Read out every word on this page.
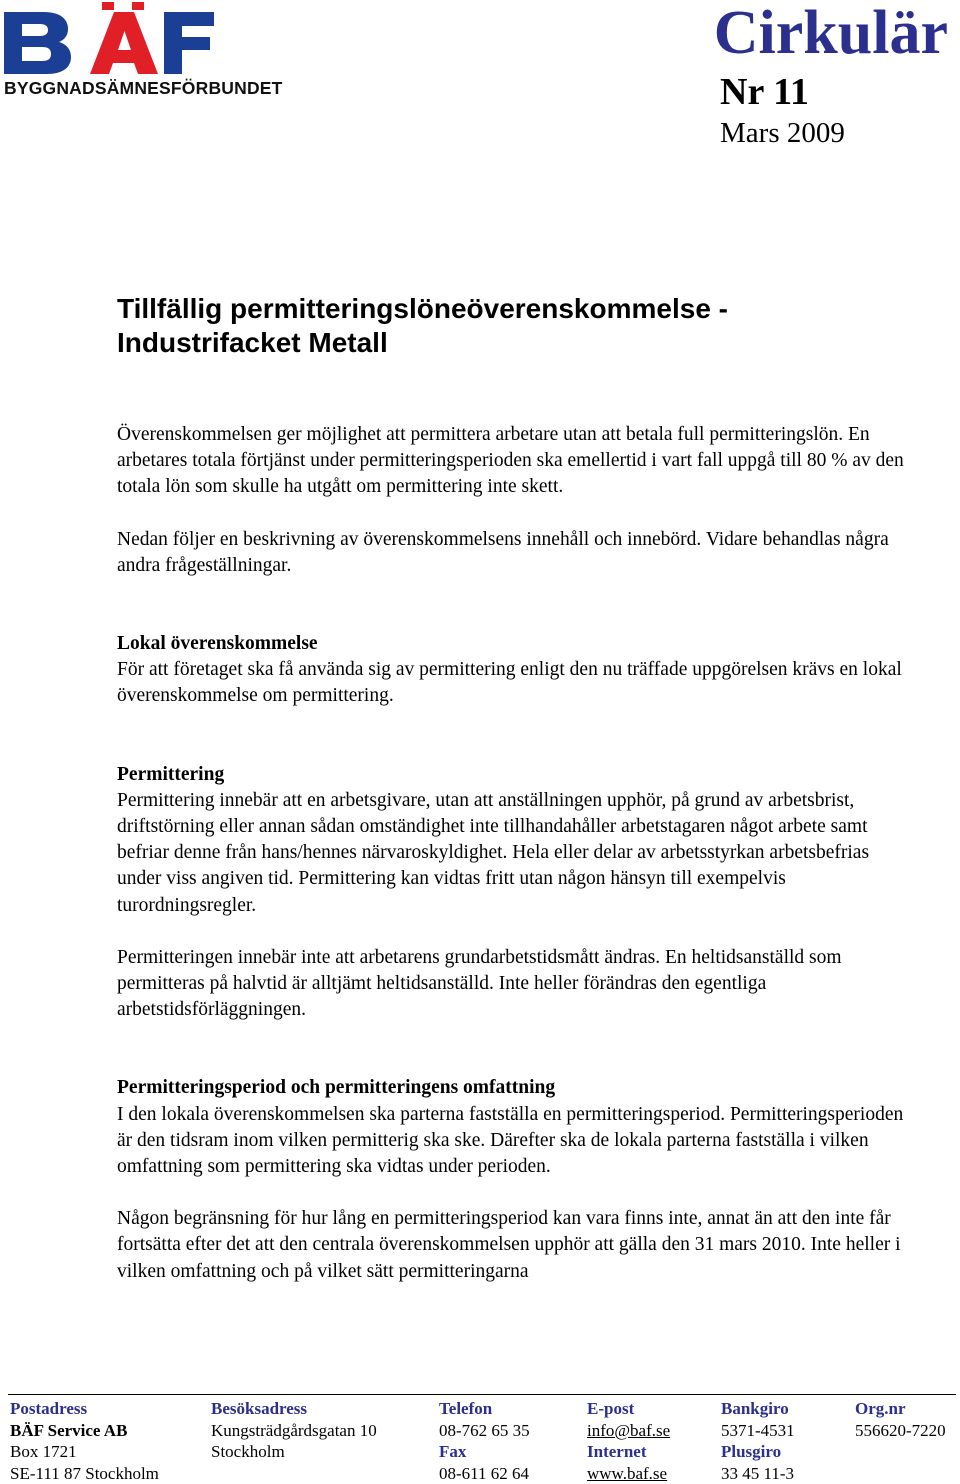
BYGGNADSÄMNESFÖRBUNDET
Cirkulär
Nr 11
Mars 2009
Tillfällig permitteringslöneöverenskommelse -
Industrifacket Metall

Överenskommelsen ger möjlighet att permittera arbetare utan att betala full permitteringslön. En arbetares totala förtjänst under permitteringsperioden ska emellertid i vart fall uppgå till 80 % av den totala lön som skulle ha utgått om permittering inte skett.

Nedan följer en beskrivning av överenskommelsens innehåll och innebörd. Vidare behandlas några andra frågeställningar.

Lokal överenskommelse

För att företaget ska få använda sig av permittering enligt den nu träffade uppgörelsen krävs en lokal överenskommelse om permittering.

Permittering

Permittering innebär att en arbetsgivare, utan att anställningen upphör, på grund av arbetsbrist, driftstörning eller annan sådan omständighet inte tillhandahåller arbetstagaren något arbete samt befriar denne från hans/hennes närvaroskyldighet. Hela eller delar av arbetsstyrkan arbetsbefrias under viss angiven tid. Permittering kan vidtas fritt utan någon hänsyn till exempelvis turordningsregler.

Permitteringen innebär inte att arbetarens grundarbetstidsmått ändras. En heltidsanställd som permitteras på halvtid är alltjämt heltidsanställd. Inte heller förändras den egentliga arbetstidsförläggningen.

Permitteringsperiod och permitteringens omfattning

I den lokala överenskommelsen ska parterna fastställa en permitteringsperiod. Permitteringsperioden är den tidsram inom vilken permitterig ska ske. Därefter ska de lokala parterna fastställa i vilken omfattning som permittering ska vidtas under perioden.

Någon begränsning för hur lång en permitteringsperiod kan vara finns inte, annat än att den inte får fortsätta efter det att den centrala överenskommelsen upphör att gälla den 31 mars 2010. Inte heller i vilken omfattning och på vilket sätt permitteringarna

Postadress
BÄF Service AB
Box 1721
SE-111 87 Stockholm
Besöksadress
Kungsträdgårdsgatan 10
Stockholm
Telefon
08-762 65 35
Fax
08-611 62 64
E-post
info@baf.se
Internet
www.baf.se
Bankgiro
5371-4531
Plusgiro
33 45 11-3
Org.nr
556620-7220
